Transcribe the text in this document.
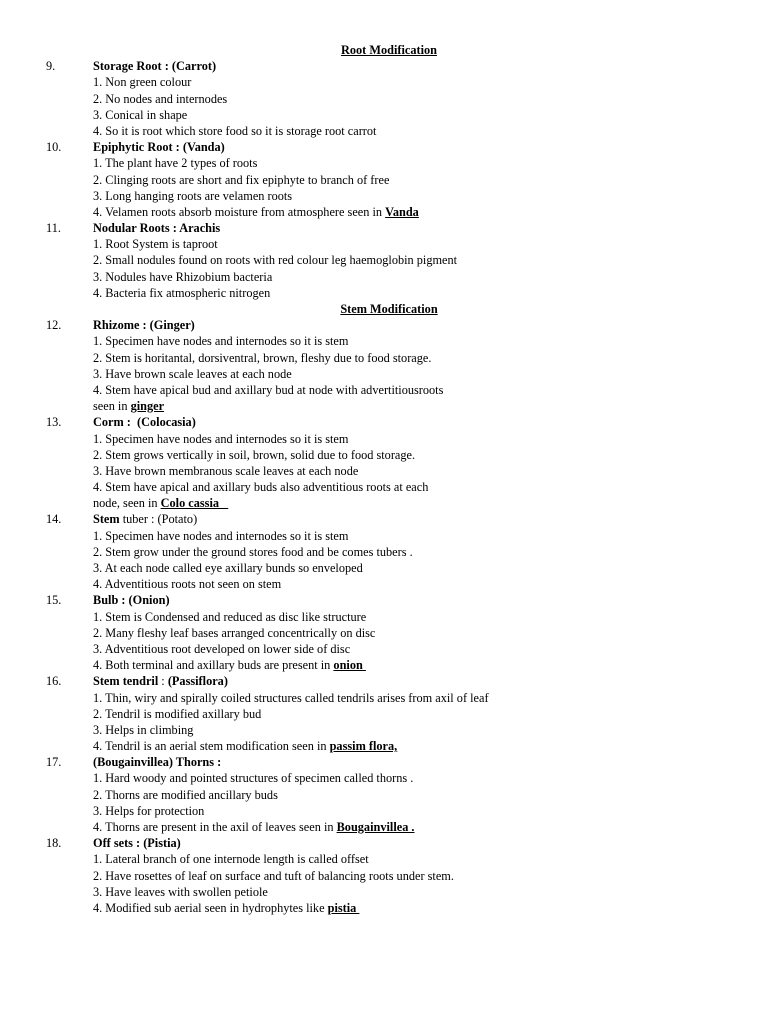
Root Modification
9.	Storage Root : (Carrot)
1. Non green colour
2. No nodes and internodes
3. Conical in shape
4. So it is root which store food so it is storage root carrot
10.	Epiphytic Root : (Vanda)
1. The plant have 2 types of roots
2. Clinging roots are short and fix epiphyte to branch of free
3. Long hanging roots are velamen roots
4. Velamen roots absorb moisture from atmosphere seen in Vanda
11.	Nodular Roots : Arachis
1. Root System is taproot
2. Small nodules found on roots with red colour leg haemoglobin pigment
3. Nodules have Rhizobium bacteria
4. Bacteria fix atmospheric nitrogen
Stem Modification
12.	Rhizome : (Ginger)
1. Specimen have nodes and internodes so it is stem
2. Stem is horitantal, dorsiventral, brown, fleshy due to food storage.
3. Have brown scale leaves at each node
4. Stem have apical bud and axillary bud at node with advertitiousroots
seen in ginger
13.	Corm :  (Colocasia)
1. Specimen have nodes and internodes so it is stem
2. Stem grows vertically in soil, brown, solid due to food storage.
3. Have brown membranous scale leaves at each node
4. Stem have apical and axillary buds also adventitious roots at each
node, seen in Colo cassia
14.	Stem tuber : (Potato)
1. Specimen have nodes and internodes so it is stem
2. Stem grow under the ground stores food and be comes tubers .
3. At each node called eye axillary bunds so enveloped
4. Adventitious roots not seen on stem
15.	Bulb : (Onion)
1. Stem is Condensed and reduced as disc like structure
2. Many fleshy leaf bases arranged concentrically on disc
3. Adventitious root developed on lower side of disc
4. Both terminal and axillary buds are present in onion
16.	Stem tendril : (Passiflora)
1. Thin, wiry and spirally coiled structures called tendrils arises from axil of leaf
2. Tendril is modified axillary bud
3. Helps in climbing
4. Tendril is an aerial stem modification seen in passim flora,
17.	(Bougainvillea) Thorns :
1. Hard woody and pointed structures of specimen called thorns .
2. Thorns are modified ancillary buds
3. Helps for protection
4. Thorns are present in the axil of leaves seen in Bougainvillea .
18.	Off sets : (Pistia)
1. Lateral branch of one internode length is called offset
2. Have rosettes of leaf on surface and tuft of balancing roots under stem.
3. Have leaves with swollen petiole
4. Modified sub aerial seen in hydrophytes like pistia
